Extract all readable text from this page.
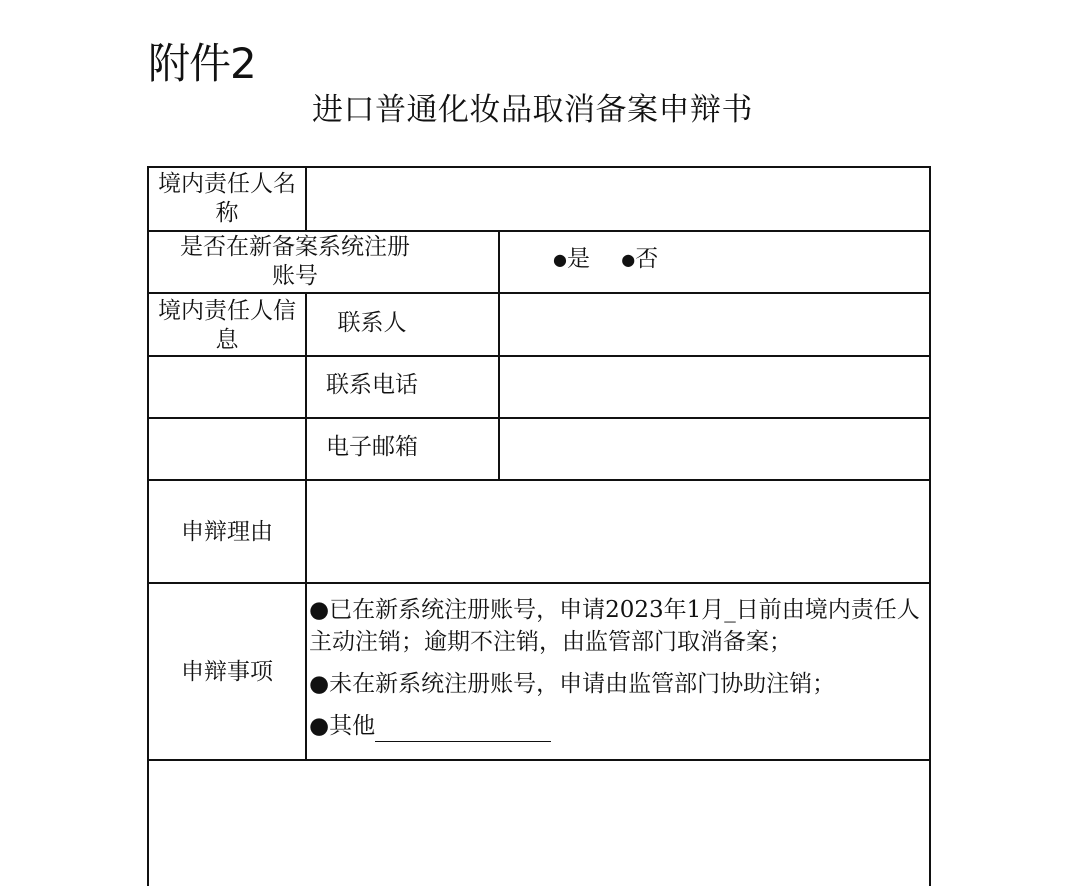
附件2
进口普通化妆品取消备案申辩书
境内责任人名称
是否在新备案系统注册账号
●是 ●否
境内责任人信息
联系人
联系电话
电子邮箱
申辩理由
申辩事项
●已在新系统注册账号，申请2023年1月_日前由境内责任人主动注销；逾期不注销，由监管部门取消备案；
●未在新系统注册账号，申请由监管部门协助注销；
●其他
